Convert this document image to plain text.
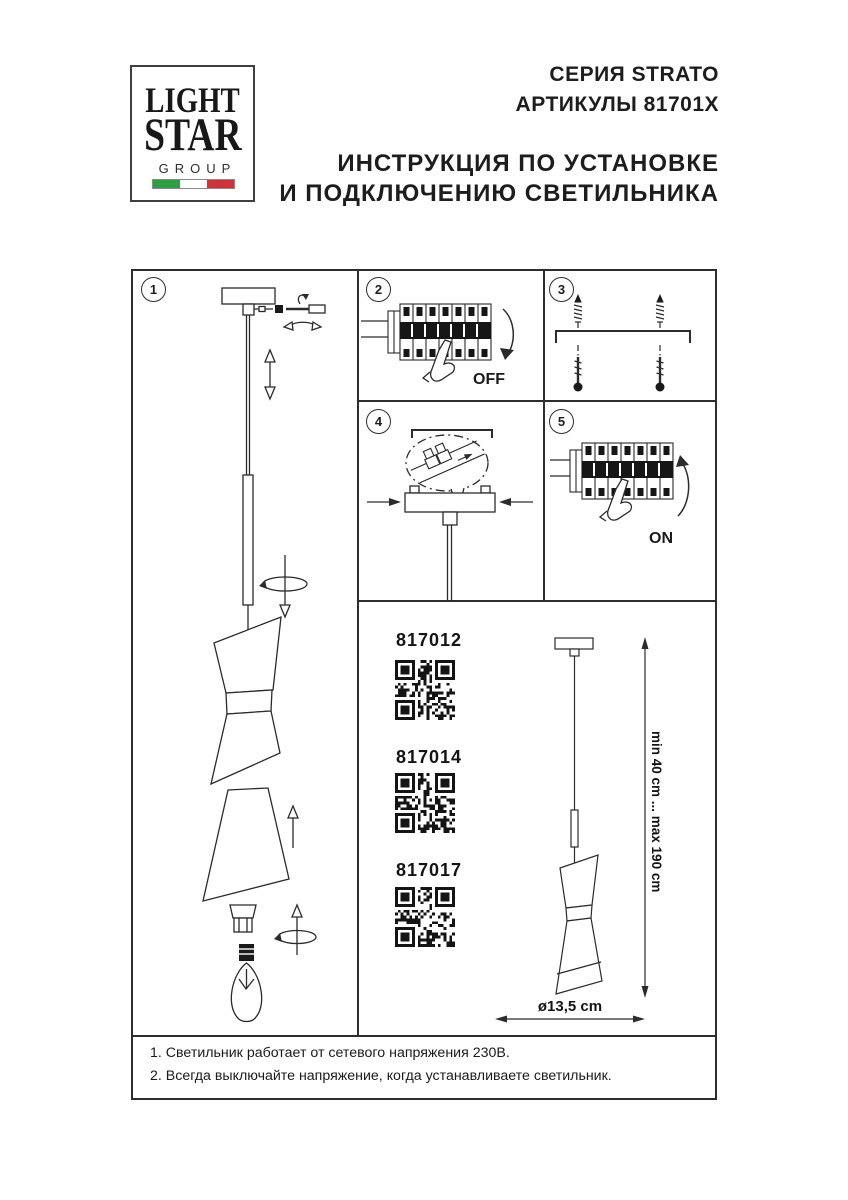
LIGHT
STAR
GROUP
СЕРИЯ STRATO
АРТИКУЛЫ 81701X
ИНСТРУКЦИЯ ПО УСТАНОВКЕ
И ПОДКЛЮЧЕНИЮ СВЕТИЛЬНИКА
1	2	3
4	5
OFF
ON
817012
817014
817017	min 40 cm ... max 190 cm
ø13,5 cm
1. Светильник работает от сетевого напряжения 230В.
2. Всегда выключайте напряжение, когда устанавливаете светильник.
